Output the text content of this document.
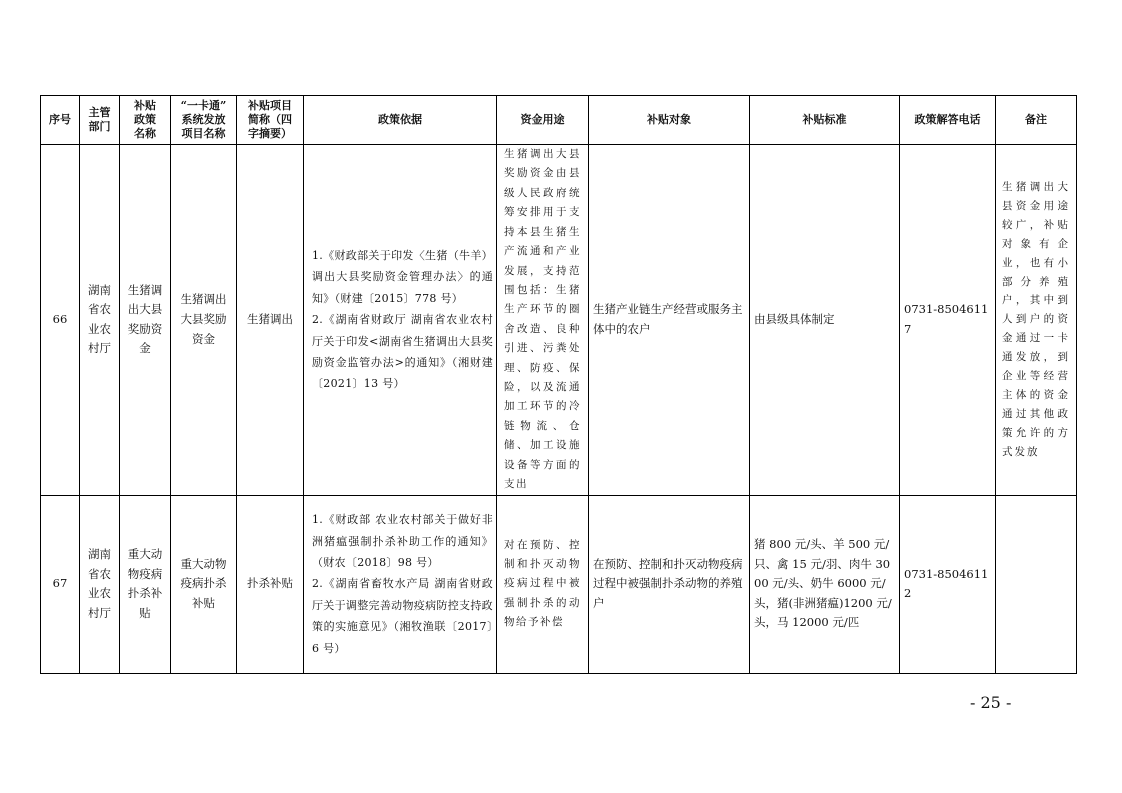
序号	主管
部门	补贴
政策
名称	“一卡通”
系统发放
项目名称	补贴项目
简称（四
字摘要）	政策依据	资金用途	补贴对象	补贴标准	政策解答电话	备注

66	湖南
省农
业农
村厅	生猪调
出大县
奖励资
金	生猪调出
大县奖励
资金	生猪调出	1.《财政部关于印发〈生猪（牛羊）调出大县奖励资金管理办法〉的通知》（财建〔2015〕778 号）
2.《湖南省财政厅 湖南省农业农村厅关于印发<湖南省生猪调出大县奖励资金监管办法>的通知》（湘财建〔2021〕13 号）	生猪调出大县奖励资金由县级人民政府统筹安排用于支持本县生猪生产流通和产业发展，支持范围包括：生猪生产环节的圈舍改造、良种引进、污粪处理、防疫、保险，以及流通加工环节的冷链物流、仓储、加工设施设备等方面的支出	生猪产业链生产经营或服务主体中的农户	由县级具体制定	0731-85046117	生猪调出大县资金用途较广，补贴对象有企业，也有小部分养殖户，其中到人到户的资金通过一卡通发放，到企业等经营主体的资金通过其他政策允许的方式发放

67	湖南
省农
业农
村厅	重大动
物疫病
扑杀补
贴	重大动物
疫病扑杀
补贴	扑杀补贴	1.《财政部 农业农村部关于做好非洲猪瘟强制扑杀补助工作的通知》（财农〔2018〕98 号）
2.《湖南省畜牧水产局 湖南省财政厅关于调整完善动物疫病防控支持政策的实施意见》（湘牧渔联〔2017〕6 号）	对在预防、控制和扑灭动物疫病过程中被强制扑杀的动物给予补偿	在预防、控制和扑灭动物疫病过程中被强制扑杀动物的养殖户	猪 800 元/头、羊 500 元/只、禽 15 元/羽、肉牛 3000 元/头、奶牛 6000 元/头，猪(非洲猪瘟)1200 元/头，马 12000 元/匹	0731-85046112	

- 25 -
